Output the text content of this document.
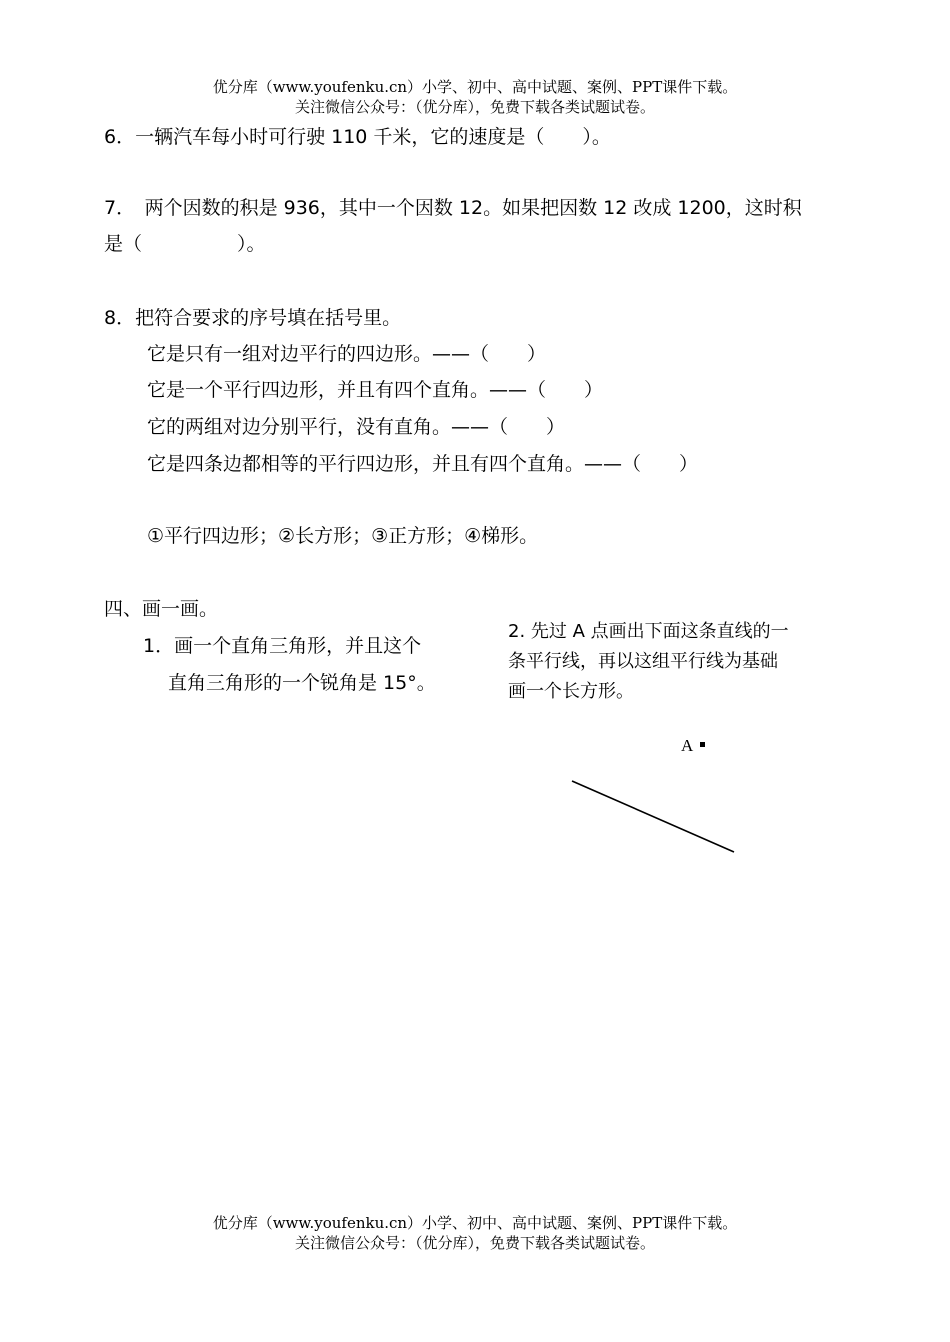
优分库（www.youfenku.cn）小学、初中、高中试题、案例、PPT课件下载。
关注微信公众号：（优分库），免费下载各类试题试卷。
6．一辆汽车每小时可行驶 110 千米，它的速度是（　　）。
7．　两个因数的积是 936，其中一个因数 12。如果把因数 12 改成 1200，这时积
是（　　　　　）。
8．把符合要求的序号填在括号里。
它是只有一组对边平行的四边形。——（　　）
它是一个平行四边形，并且有四个直角。——（　　）
它的两组对边分别平行，没有直角。——（　　）
它是四条边都相等的平行四边形，并且有四个直角。——（　　）
①平行四边形；②长方形；③正方形；④梯形。
四、画一画。
1．画一个直角三角形，并且这个
直角三角形的一个锐角是 15°。
2. 先过 A 点画出下面这条直线的一
条平行线，再以这组平行线为基础
画一个长方形。
A
优分库（www.youfenku.cn）小学、初中、高中试题、案例、PPT课件下载。
关注微信公众号：（优分库），免费下载各类试题试卷。
